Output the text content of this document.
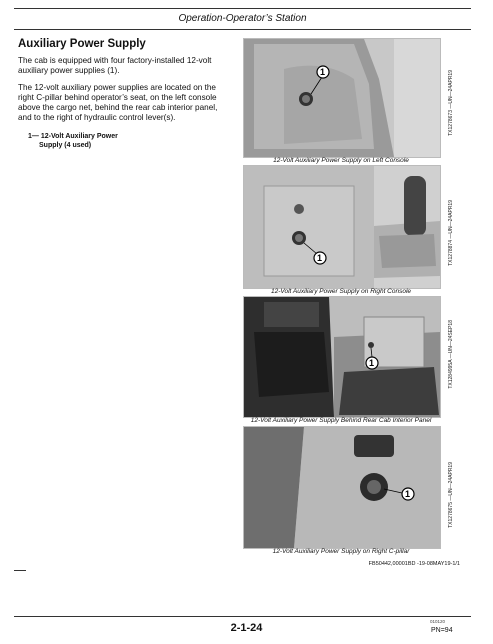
Operation-Operator’s Station
Auxiliary Power Supply

The cab is equipped with four factory-installed 12-volt auxiliary power supplies (1).

The 12-volt auxiliary power supplies are located on the right C-pillar behind operator’s seat, on the left console above the cargo net, behind the rear cab interior panel, and to the right of hydraulic control lever(s).

1— 12-Volt Auxiliary Power
Supply (4 used)
1
12-Volt Auxiliary Power Supply on Left Console
TX1278673 —UN—24APR19
1
12-Volt Auxiliary Power Supply on Right Console
TX1278874 —UN—24APR19
1
12-Volt Auxiliary Power Supply Behind Rear Cab Interior Panel
TX1284995A —UN—24SEP18
1
12-Volt Auxiliary Power Supply on Right C-pillar
TX1278675 —UN—24APR19
FB50442,00001BD -19-08MAY19-1/1
2-1-24
010120
PN=94
